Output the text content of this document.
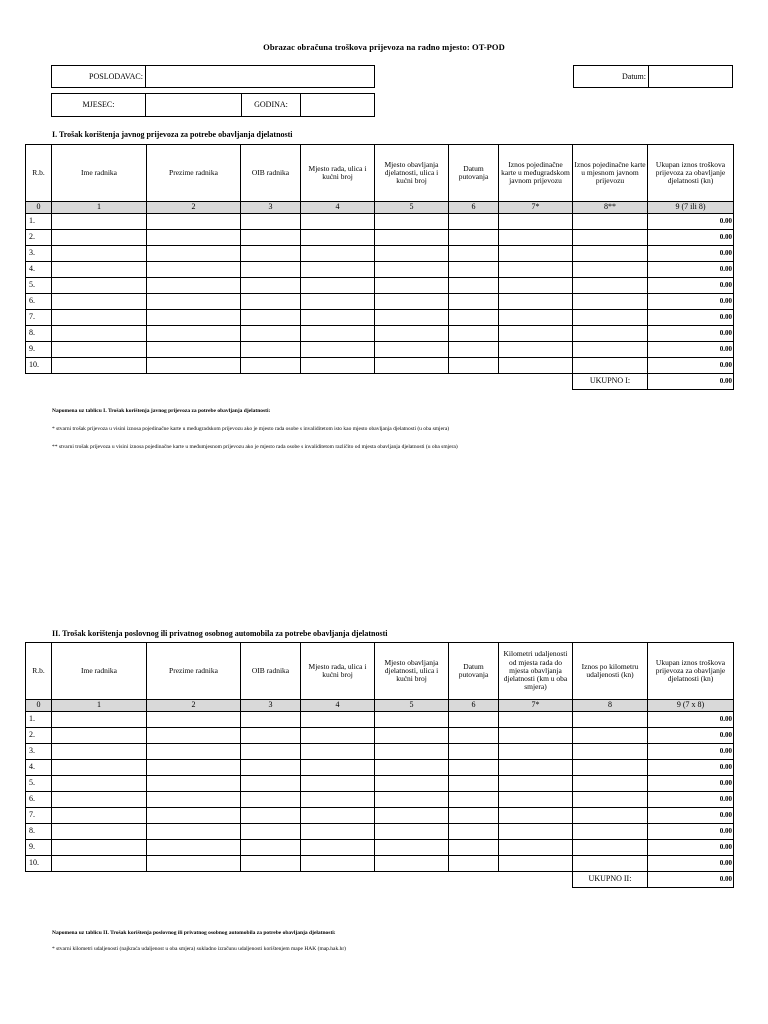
Obrazac obračuna troškova prijevoza na radno mjesto: OT-POD
POSLODAVAC:	Datum:
MJESEC:	GODINA:
I. Trošak korištenja javnog prijevoza za potrebe obavljanja djelatnosti
R.b.	Ime radnika	Prezime radnika	OIB radnika	Mjesto rada, ulica i kućni broj	Mjesto obavljanja djelatnosti, ulica i kućni broj	Datum putovanja	Iznos pojedinačne karte u međugradskom javnom prijevozu	Iznos pojedinačne karte u mjesnom javnom prijevozu	Ukupan iznos troškova prijevoza za obavljanje djelatnosti (kn)
0	1	2	3	4	5	6	7*	8**	9 (7 ili 8)
1.									0.00
2.									0.00
3.									0.00
4.									0.00
5.									0.00
6.									0.00
7.									0.00
8.									0.00
9.									0.00
10.									0.00
								UKUPNO I:	0.00
Napomena uz tablicu I. Trošak korištenja javnog prijevoza za potrebe obavljanja djelatnosti:
* stvarni trošak prijevoza u visini iznosa pojedinačne karte u međugradskom prijevozu ako je mjesto rada osobe s invaliditetom isto kao mjesto obavljanja djelatnosti (u oba smjera)
** stvarni trošak prijevoza u visini iznosa pojedinačne karte u međumjesnom prijevozu ako je mjesto rada osobe s invaliditetom različito od mjesta obavljanja djelatnosti (u oba smjera)
II. Trošak korištenja poslovnog ili privatnog osobnog automobila za potrebe obavljanja djelatnosti
R.b.	Ime radnika	Prezime radnika	OIB radnika	Mjesto rada, ulica i kućni broj	Mjesto obavljanja djelatnosti, ulica i kućni broj	Datum putovanja	Kilometri udaljenosti od mjesta rada do mjesta obavljanja djelatnosti (km u oba smjera)	Iznos po kilometru udaljenosti (kn)	Ukupan iznos troškova prijevoza za obavljanje djelatnosti (kn)
0	1	2	3	4	5	6	7*	8	9 (7 x 8)
1.									0.00
2.									0.00
3.									0.00
4.									0.00
5.									0.00
6.									0.00
7.									0.00
8.									0.00
9.									0.00
10.									0.00
								UKUPNO II:	0.00
Napomena uz tablicu II. Trošak korištenja poslovnog ili privatnog osobnog automobila za potrebe obavljanja djelatnosti:
* stvarni kilometri udaljenosti (najkraća udaljenost u oba smjera) sukladno izračunu udaljenosti korištenjem mape HAK (map.hak.hr)
